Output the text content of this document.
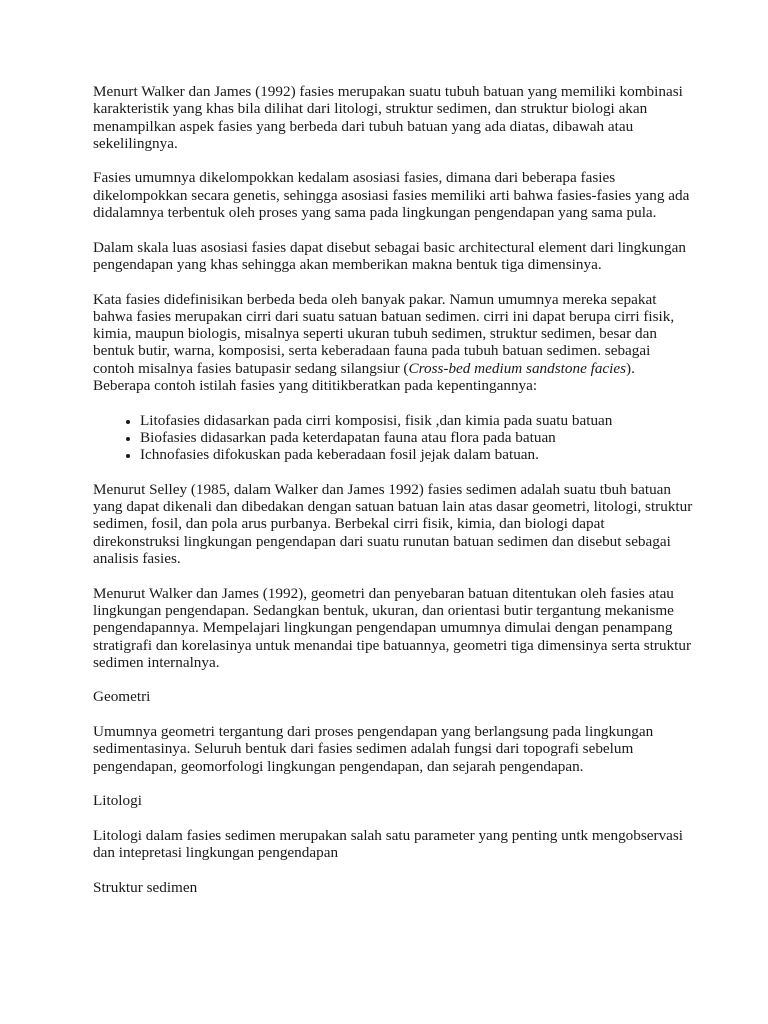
Menurt Walker dan James (1992) fasies merupakan suatu tubuh batuan yang memiliki kombinasi karakteristik yang khas bila dilihat dari litologi, struktur sedimen, dan struktur biologi akan menampilkan aspek fasies yang berbeda dari tubuh batuan yang ada diatas, dibawah atau sekelilingnya.

Fasies umumnya dikelompokkan kedalam asosiasi fasies, dimana dari beberapa fasies dikelompokkan secara genetis, sehingga asosiasi fasies memiliki arti bahwa fasies-fasies yang ada didalamnya terbentuk oleh proses yang sama pada lingkungan pengendapan yang sama pula.

Dalam skala luas asosiasi fasies dapat disebut sebagai basic architectural element dari lingkungan pengendapan yang khas sehingga akan memberikan makna bentuk tiga dimensinya.

Kata fasies didefinisikan berbeda beda oleh banyak pakar. Namun umumnya mereka sepakat bahwa fasies merupakan cirri dari suatu satuan batuan sedimen. cirri ini dapat berupa cirri fisik, kimia, maupun biologis, misalnya seperti ukuran tubuh sedimen, struktur sedimen, besar dan bentuk butir, warna, komposisi, serta keberadaan fauna pada tubuh batuan sedimen. sebagai contoh misalnya fasies batupasir sedang silangsiur (Cross-bed medium sandstone facies). Beberapa contoh istilah fasies yang dititikberatkan pada kepentingannya:

• Litofasies didasarkan pada cirri komposisi, fisik ,dan kimia pada suatu batuan
• Biofasies didasarkan pada keterdapatan fauna atau flora pada batuan
• Ichnofasies difokuskan pada keberadaan fosil jejak dalam batuan.

Menurut Selley (1985, dalam Walker dan James 1992) fasies sedimen adalah suatu tbuh batuan yang dapat dikenali dan dibedakan dengan satuan batuan lain atas dasar geometri, litologi, struktur sedimen, fosil, dan pola arus purbanya. Berbekal cirri fisik, kimia, dan biologi dapat direkonstruksi lingkungan pengendapan dari suatu runutan batuan sedimen dan disebut sebagai analisis fasies.

Menurut Walker dan James (1992), geometri dan penyebaran batuan ditentukan oleh fasies atau lingkungan pengendapan. Sedangkan bentuk, ukuran, dan orientasi butir tergantung mekanisme pengendapannya. Mempelajari lingkungan pengendapan umumnya dimulai dengan penampang stratigrafi dan korelasinya untuk menandai tipe batuannya, geometri tiga dimensinya serta struktur sedimen internalnya.

Geometri

Umumnya geometri tergantung dari proses pengendapan yang berlangsung pada lingkungan sedimentasinya. Seluruh bentuk dari fasies sedimen adalah fungsi dari topografi sebelum pengendapan, geomorfologi lingkungan pengendapan, dan sejarah pengendapan.

Litologi

Litologi dalam fasies sedimen merupakan salah satu parameter yang penting untk mengobservasi dan intepretasi lingkungan pengendapan

Struktur sedimen
